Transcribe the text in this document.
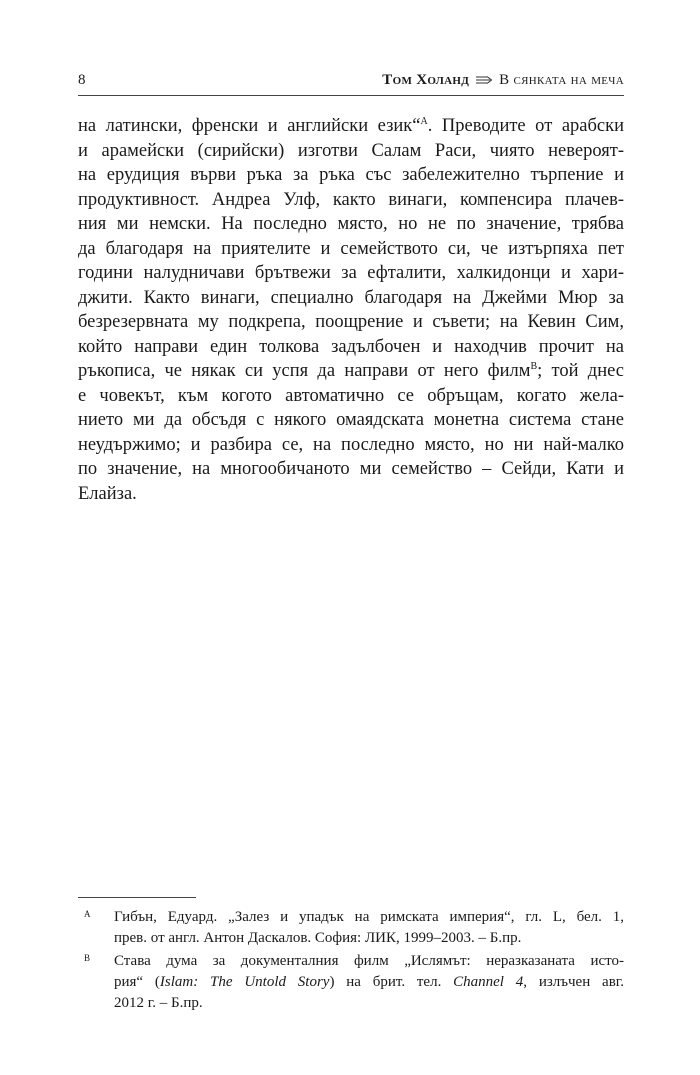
8	Том Холанд В сянката на меча
на латински, френски и английски език“$^A$. Преводите от арабски
и арамейски (сирийски) изготви Салам Раси, чиято невероят-
на ерудиция върви ръка за ръка със забележително търпение и
продуктивност. Андреа Улф, както винаги, компенсира плачев-
ния ми немски. На последно място, но не по значение, трябва
да благодаря на приятелите и семейството си, че изтърпяха пет
години налудничави брътвежи за ефталити, халкидонци и хари-
джити. Както винаги, специално благодаря на Джейми Мюр за
безрезервната му подкрепа, поощрение и съвети; на Кевин Сим,
който направи един толкова задълбочен и находчив прочит на
ръкописа, че някак си успя да направи от него филм$^B$; той днес
е човекът, към когото автоматично се обръщам, когато жела-
нието ми да обсъдя с някого омаядската монетна система стане
неудържимо; и разбира се, на последно място, но ни най-малко
по значение, на многообичаното ми семейство – Сейди, Кати и
Елайза.
A Гибън, Едуард. „Залез и упадък на римската империя“, гл. L, бел. 1,
прев. от англ. Антон Даскалов. София: ЛИК, 1999–2003. – Б.пр.
B Става дума за документалния филм „Ислямът: неразказаната исто-
рия“ (Islam: The Untold Story) на брит. тел. Channel 4, излъчен авг.
2012 г. – Б.пр.
